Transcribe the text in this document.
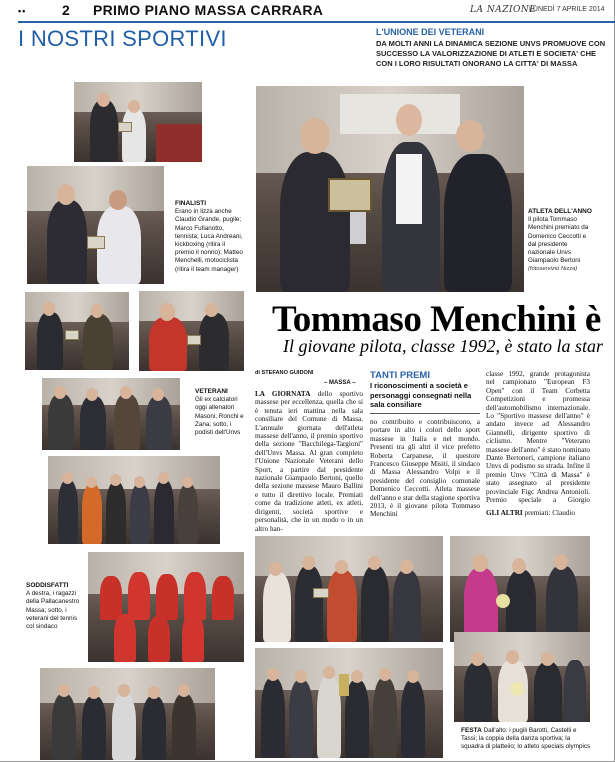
••	2 PRIMO PIANO MASSA CARRARA	LA NAZIONE
LUNEDÌ 7 APRILE 2014
I NOSTRI SPORTIVI	L'UNIONE DEI VETERANI
DA MOLTI ANNI LA DINAMICA SEZIONE UNVS PROMUOVE CON SUCCESSO LA VALORIZZAZIONE DI ATLETI E SOCIETA' CHE CON I LORO RISULTATI ONORANO LA CITTA' DI MASSA
FINALISTI
Erano in lizza anche Claudio Grande, pugile; Marco Fufianotto, tennista; Luca Andreani, kickboxing (ritira il premio il nonno); Matteo Menchelli, motociclista (ritira il team manager)
VETERANI
Gli ex calciatori oggi allenatori Masoni, Ronchi e Zana; sotto, i podisti dell'Unvs
SODDISFATTI
A destra, i ragazzi della Pallacanestro Massa; sotto, i veterani del tennis col sindaco
ATLETA DELL'ANNO
Il pilota Tommaso Menchini premiato da Domenico Ceccotti e dal presidente nazionale Unvs Giampaolo Bertoni
(fotoservizio Nizza)
Tommaso Menchini è
Il giovane pilota, classe 1992, è stato la star
di STEFANO GUIDONI
– MASSA –
LA GIORNATA dello sportivo massese per eccellenza, quella che si è tenuta ieri mattina nella sala consiliare del Comune di Massa. L'annuale giornata dell'atleta massese dell'anno, il premio sportivo della sezione "Bacchilega-Targioni" dell'Unvs Massa. Al gran completo l'Unione Nazionale Veterani dello Sport, a partire dal presidente nazionale Giampaolo Bertoni, quello della sezione massese Mauro Ballini e tutto il direttivo locale. Premiati come da tradizione atleti, ex atleti, dirigenti, società sportive e personalità, che in un modo o in un altro han-
TANTI PREMI
I riconoscimenti a società e personaggi consegnati nella sala consiliare
no contribuito e contribuiscono, a portare in alto i colori dello sport massese in Italia e nel mondo. Presenti tra gli altri il vice prefetto Roberta Carpanese, il questore Francesco Giuseppe Misiti, il sindaco di Massa Alessandro Volpi e il presidente del consiglio comunale Domenico Ceccotti. Atleta massese dell'anno e star della stagione sportiva 2013, è il giovane pilota Tommaso Menchini
classe 1992, grande protagonista nel campionato "European F3 Open" con il Team Corbetta Competizioni e promessa dell'automobilismo internazionale. Lo "Sportivo massese dell'anno" è andato invece ad Alessandro Giannelli, dirigente sportivo di ciclismo. Mentre "Veterano massese dell'anno" è stato nominato Dante Bertoneri, campione italiano Unvs di podismo su strada. Infine il premio Unvs "Città di Massa" è stato assegnato al presidente provinciale Figc Andrea Antonioli. Premio speciale a Giorgio
GLI ALTRI premiati: Claudio
FESTA Dall'alto: i pugili Barotti, Castelli e Tassi; la coppia della danza sportiva; la squadra di platteiio; lo atleto specials olympics
